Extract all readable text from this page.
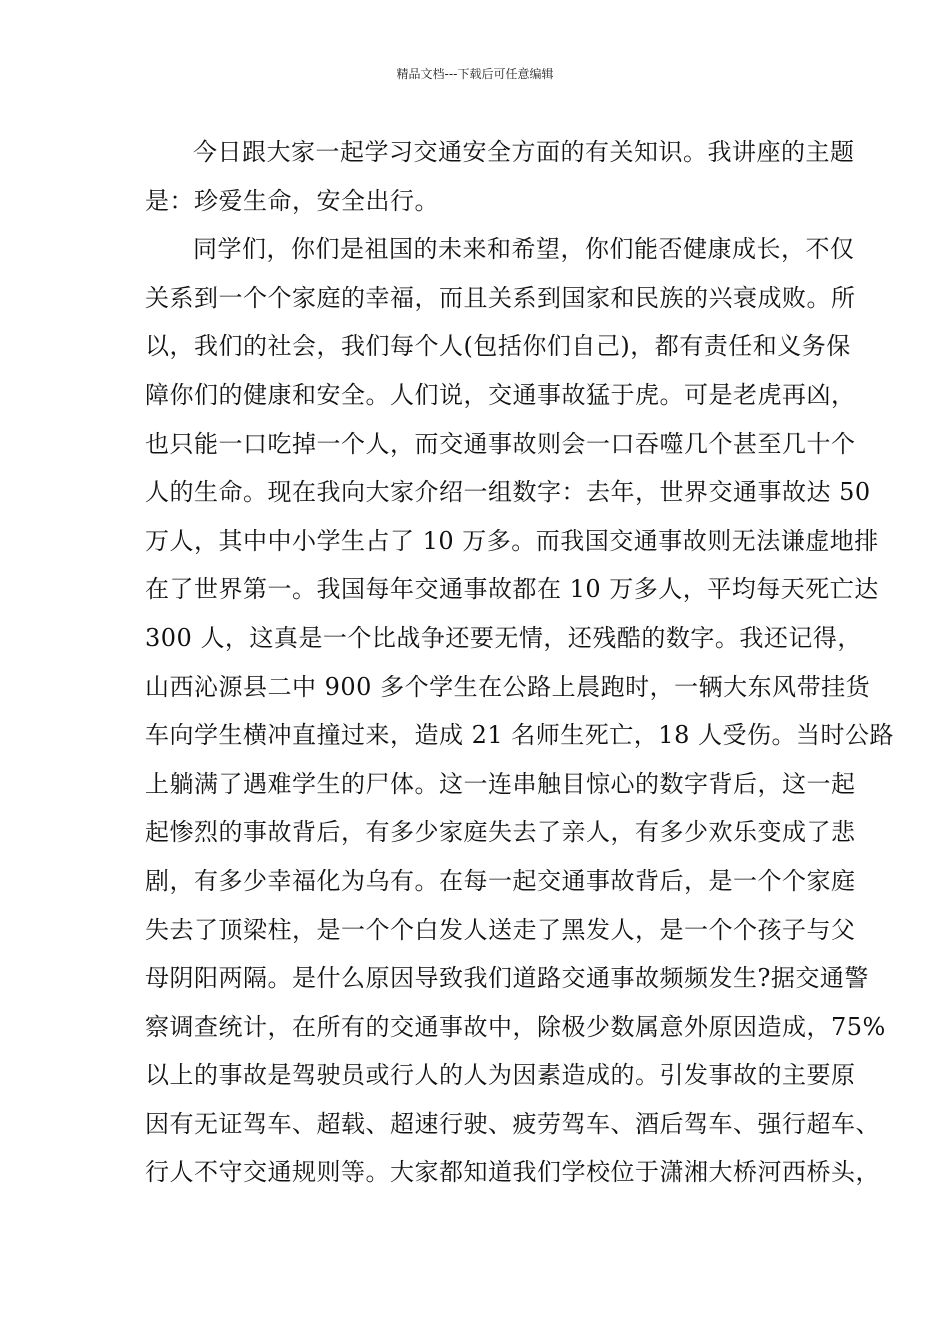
精品文档---下载后可任意编辑
今日跟大家一起学习交通安全方面的有关知识。我讲座的主题
是：珍爱生命，安全出行。
同学们，你们是祖国的未来和希望，你们能否健康成长，不仅
关系到一个个家庭的幸福，而且关系到国家和民族的兴衰成败。所
以，我们的社会，我们每个人(包括你们自己)，都有责任和义务保
障你们的健康和安全。人们说，交通事故猛于虎。可是老虎再凶，
也只能一口吃掉一个人，而交通事故则会一口吞噬几个甚至几十个
人的生命。现在我向大家介绍一组数字：去年，世界交通事故达 50
万人，其中中小学生占了 10 万多。而我国交通事故则无法谦虚地排
在了世界第一。我国每年交通事故都在 10 万多人，平均每天死亡达
300 人，这真是一个比战争还要无情，还残酷的数字。我还记得，
山西沁源县二中 900 多个学生在公路上晨跑时，一辆大东风带挂货
车向学生横冲直撞过来，造成 21 名师生死亡，18 人受伤。当时公路
上躺满了遇难学生的尸体。这一连串触目惊心的数字背后，这一起
起惨烈的事故背后，有多少家庭失去了亲人，有多少欢乐变成了悲
剧，有多少幸福化为乌有。在每一起交通事故背后，是一个个家庭
失去了顶梁柱，是一个个白发人送走了黑发人，是一个个孩子与父
母阴阳两隔。是什么原因导致我们道路交通事故频频发生?据交通警
察调查统计，在所有的交通事故中，除极少数属意外原因造成，75%
以上的事故是驾驶员或行人的人为因素造成的。引发事故的主要原
因有无证驾车、超载、超速行驶、疲劳驾车、酒后驾车、强行超车、
行人不守交通规则等。大家都知道我们学校位于潇湘大桥河西桥头，
